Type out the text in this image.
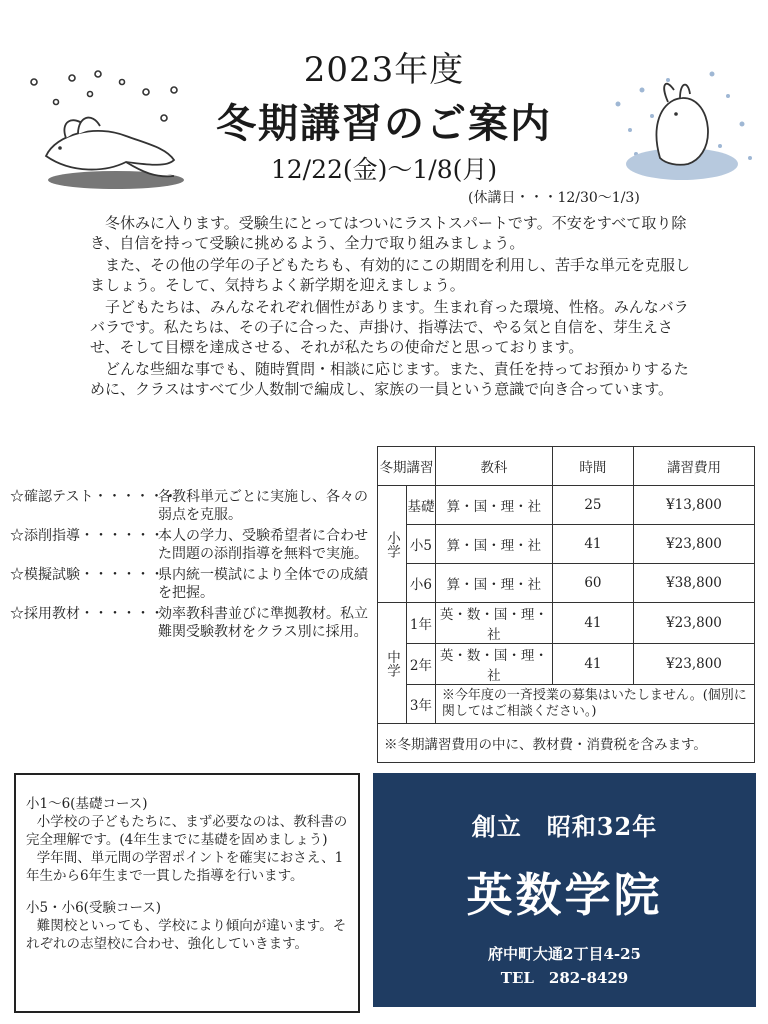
2023年度
冬期講習のご案内
12/22(金)～1/8(月)
(休講日・・・12/30～1/3)

冬休みに入ります。受験生にとってはついにラストスパートです。不安をすべて取り除き、自信を持って受験に挑めるよう、全力で取り組みましょう。

また、その他の学年の子どもたちも、有効的にこの期間を利用し、苦手な単元を克服しましょう。そして、気持ちよく新学期を迎えましょう。

子どもたちは、みんなそれぞれ個性があります。生まれ育った環境、性格。みんなバラバラです。私たちは、その子に合った、声掛け、指導法で、やる気と自信を、芽生えさせ、そして目標を達成させる、それが私たちの使命だと思っております。

どんな些細な事でも、随時質問・相談に応じます。また、責任を持ってお預かりするために、クラスはすべて少人数制で編成し、家族の一員という意識で向き合っています。

☆確認テスト・・・・・・
各教科単元ごとに実施し、各々の弱点を克服。
☆添削指導・・・・・・
本人の学力、受験希望者に合わせた問題の添削指導を無料で実施。
☆模擬試験・・・・・・
県内統一模試により全体での成績を把握。
☆採用教材・・・・・・
効率教科書並びに準拠教材。私立難関受験教材をクラス別に採用。
冬期講習		教科	時間	講習費用
小学	基礎	算・国・理・社	25	¥13,800
	小5	算・国・理・社	41	¥23,800
	小6	算・国・理・社	60	¥38,800
中学	1年	英・数・国・理・社	41	¥23,800
	2年	英・数・国・理・社	41	¥23,800
	3年	※今年度の一斉授業の募集はいたしません。(個別に関してはご相談ください。)		
※冬期講習費用の中に、教材費・消費税を含みます。				

小1～6(基礎コース)

小学校の子どもたちに、まず必要なのは、教科書の完全理解です。(4年生までに基礎を固めましょう)

学年間、単元間の学習ポイントを確実におさえ、1年生から6年生まで一貫した指導を行います。

小5・小6(受験コース)

難関校といっても、学校により傾向が違います。それぞれの志望校に合わせ、強化していきます。

創立　昭和32年
英数学院
府中町大通2丁目4-25
TEL　282-8429
